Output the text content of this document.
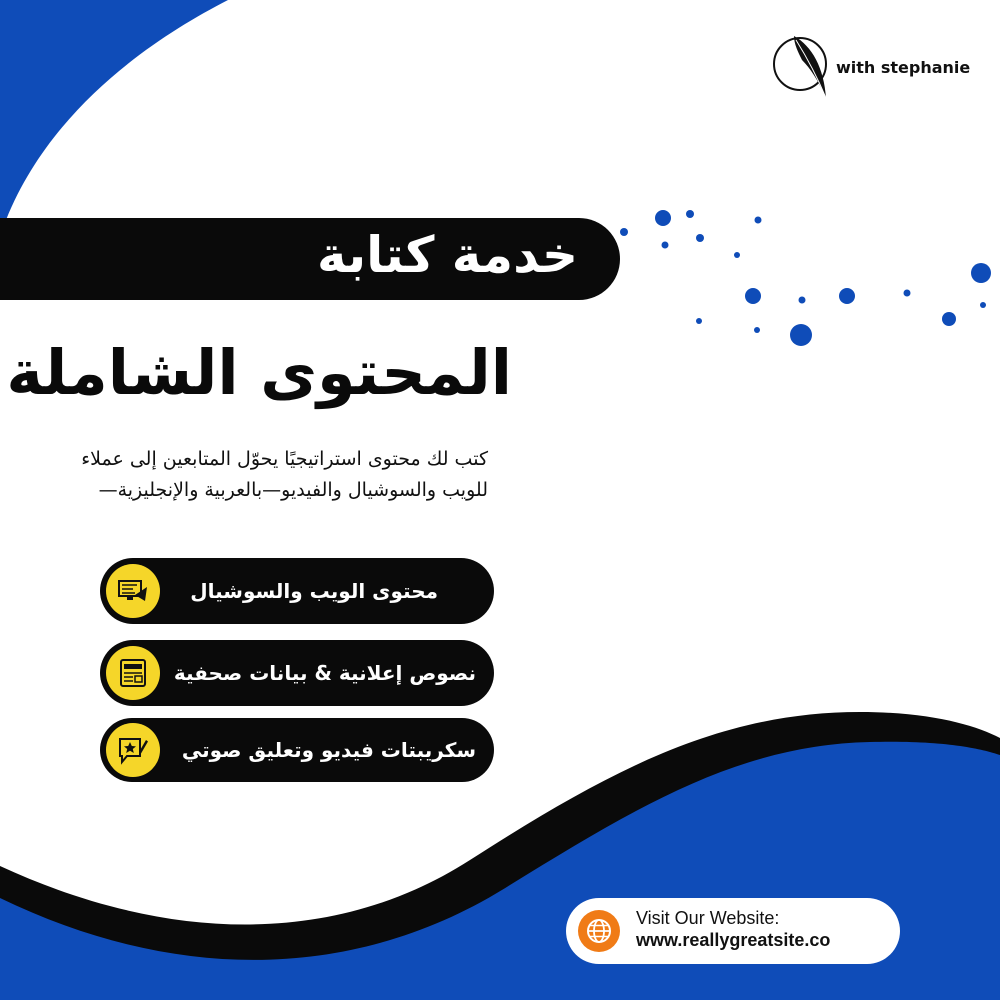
with stephanie
خدمة كتابة
المحتوى الشاملة
كتب لك محتوى استراتيجيًا يحوّل المتابعين إلى عملاء
للويب والسوشيال والفيديو—بالعربية والإنجليزية—
محتوى الويب والسوشيال
نصوص إعلانية & بيانات صحفية
سكريبتات فيديو وتعليق صوتي
Visit Our Website:
www.reallygreatsite.co
